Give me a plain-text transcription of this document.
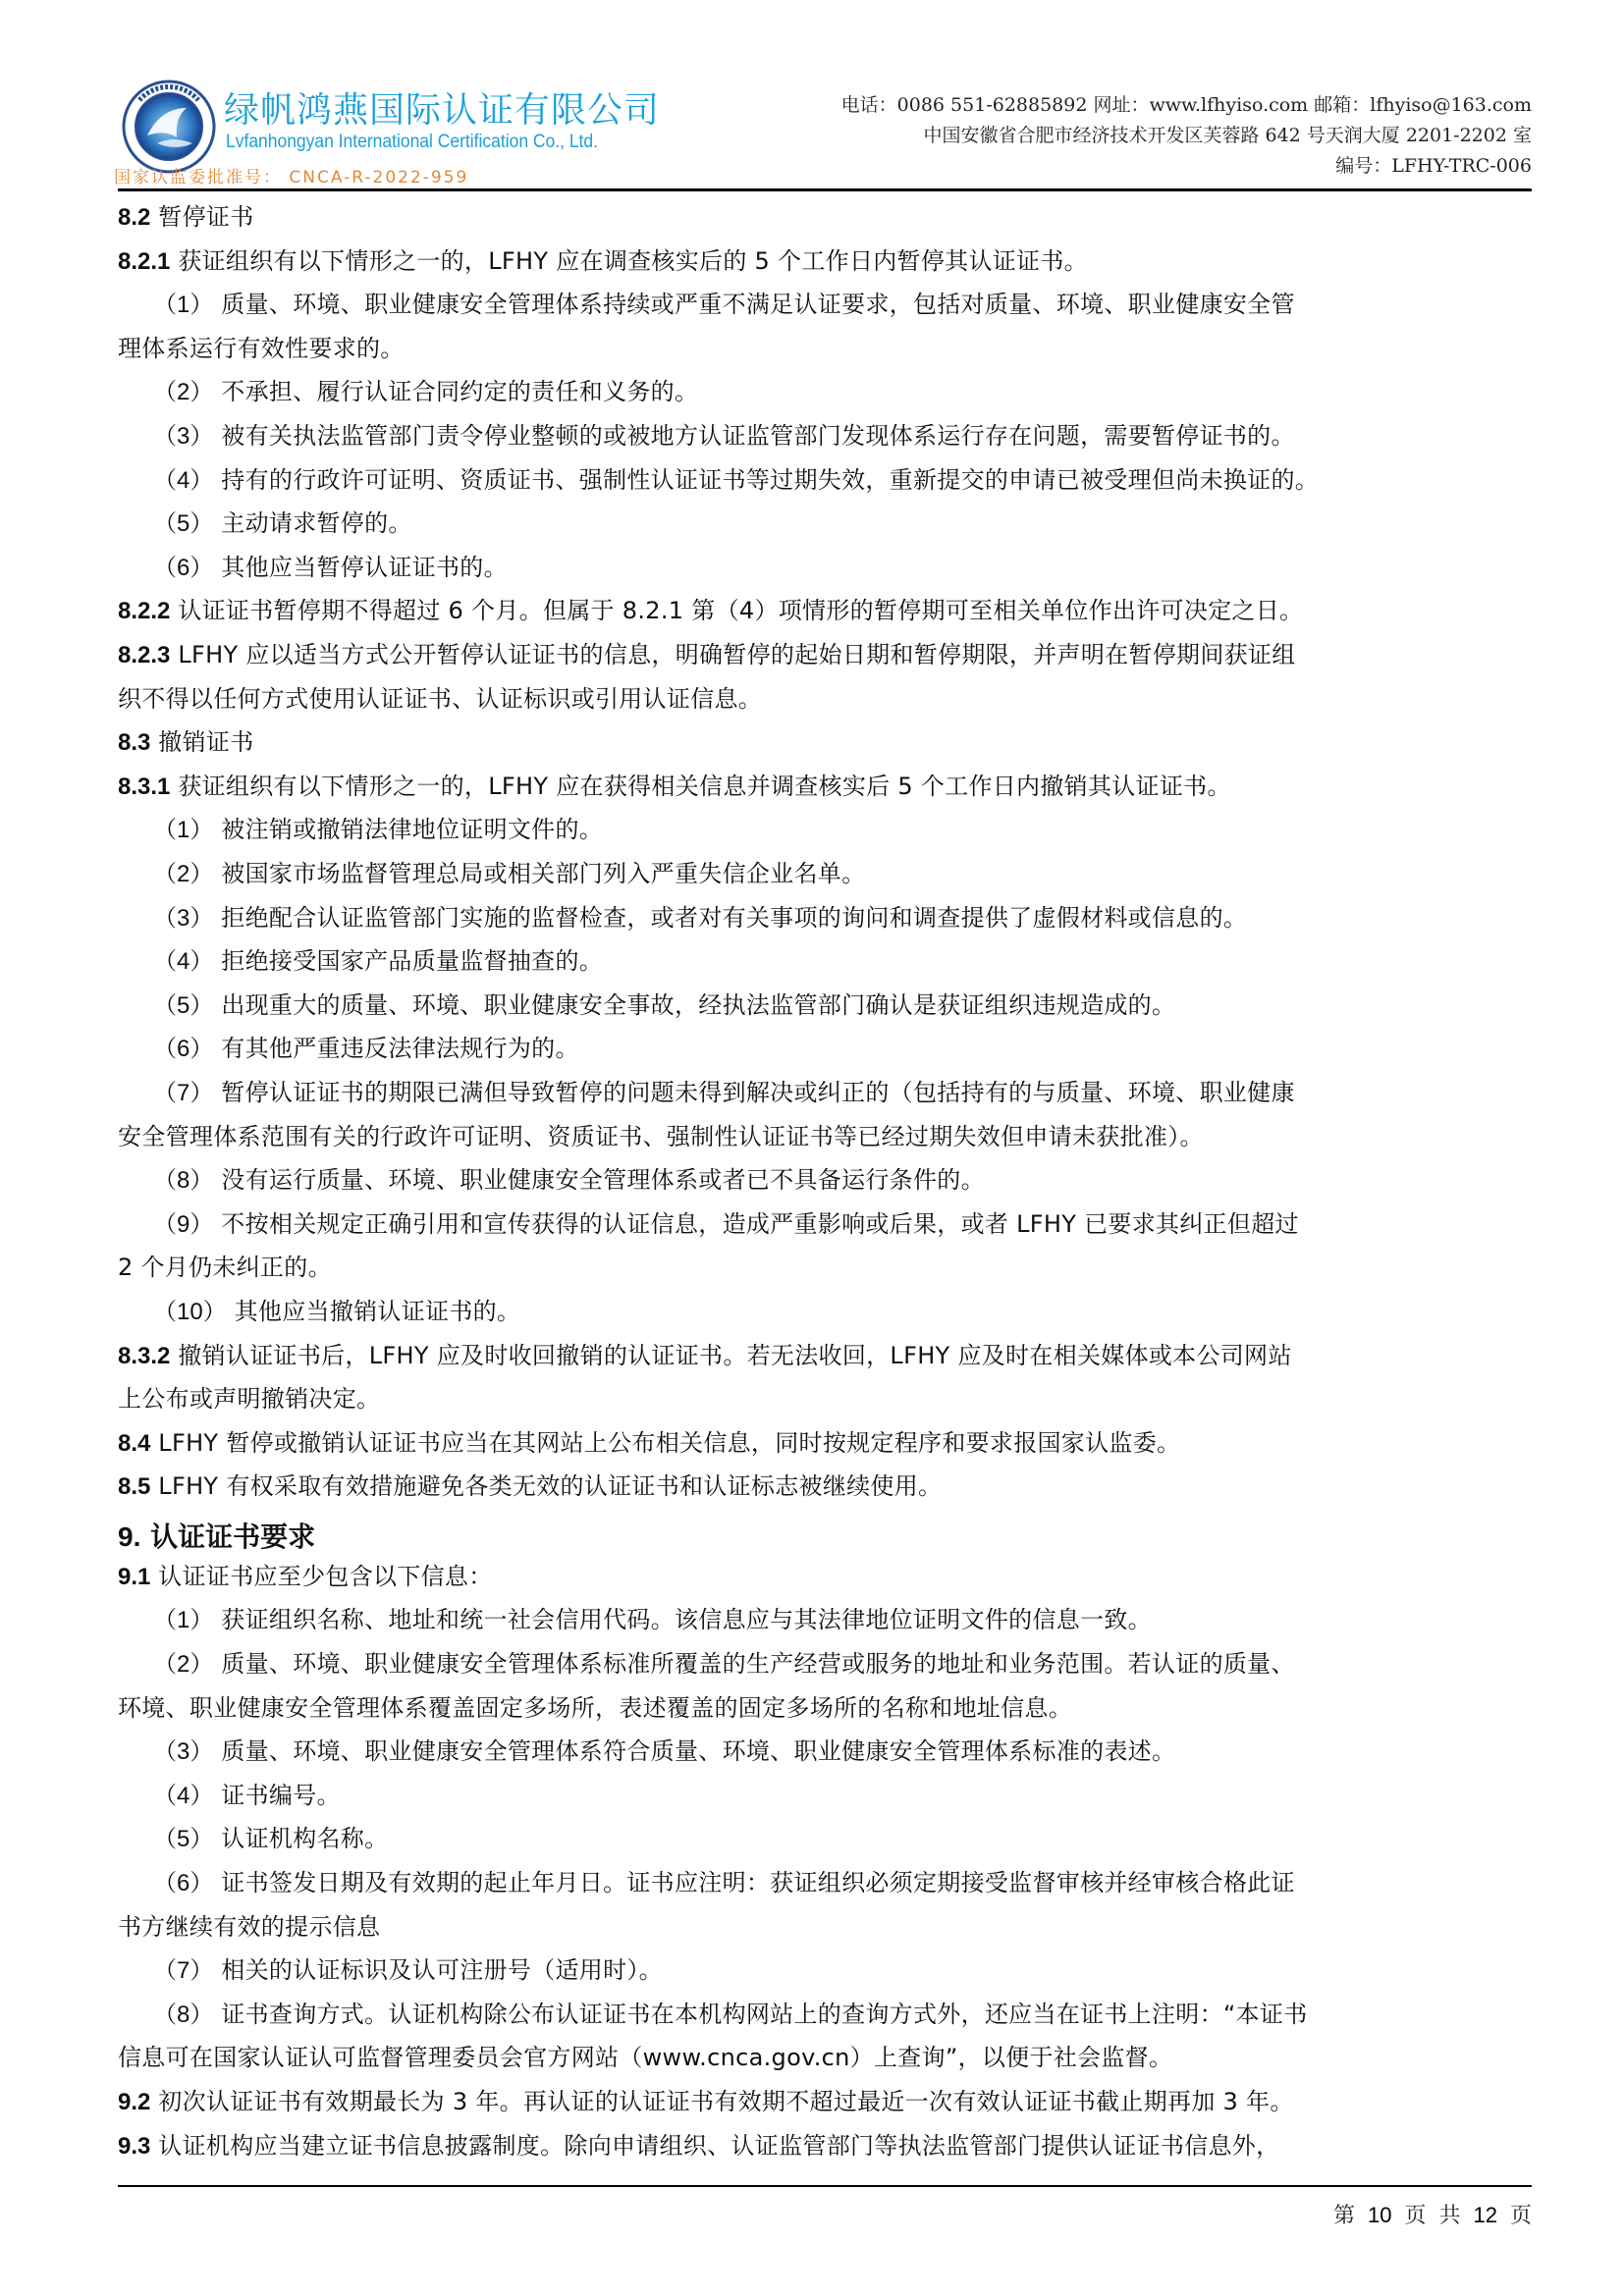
绿帆鸿燕国际认证有限公司
Lvfanhongyan International Certification Co., Ltd.
国家认监委批准号： CNCA-R-2022-959
电话：0086 551-62885892 网址：www.lfhyiso.com 邮箱：lfhyiso@163.com
中国安徽省合肥市经济技术开发区芙蓉路 642 号天润大厦 2201-2202 室
编号：LFHY-TRC-006
8.2 暂停证书
8.2.1 获证组织有以下情形之一的，LFHY 应在调查核实后的 5 个工作日内暂停其认证证书。
（1） 质量、环境、职业健康安全管理体系持续或严重不满足认证要求，包括对质量、环境、职业健康安全管
理体系运行有效性要求的。
（2） 不承担、履行认证合同约定的责任和义务的。
（3） 被有关执法监管部门责令停业整顿的或被地方认证监管部门发现体系运行存在问题，需要暂停证书的。
（4） 持有的行政许可证明、资质证书、强制性认证证书等过期失效，重新提交的申请已被受理但尚未换证的。
（5） 主动请求暂停的。
（6） 其他应当暂停认证证书的。
8.2.2 认证证书暂停期不得超过 6 个月。但属于 8.2.1 第（4）项情形的暂停期可至相关单位作出许可决定之日。
8.2.3 LFHY 应以适当方式公开暂停认证证书的信息，明确暂停的起始日期和暂停期限，并声明在暂停期间获证组
织不得以任何方式使用认证证书、认证标识或引用认证信息。
8.3 撤销证书
8.3.1 获证组织有以下情形之一的，LFHY 应在获得相关信息并调查核实后 5 个工作日内撤销其认证证书。
（1） 被注销或撤销法律地位证明文件的。
（2） 被国家市场监督管理总局或相关部门列入严重失信企业名单。
（3） 拒绝配合认证监管部门实施的监督检查，或者对有关事项的询问和调查提供了虚假材料或信息的。
（4） 拒绝接受国家产品质量监督抽查的。
（5） 出现重大的质量、环境、职业健康安全事故，经执法监管部门确认是获证组织违规造成的。
（6） 有其他严重违反法律法规行为的。
（7） 暂停认证证书的期限已满但导致暂停的问题未得到解决或纠正的（包括持有的与质量、环境、职业健康
安全管理体系范围有关的行政许可证明、资质证书、强制性认证证书等已经过期失效但申请未获批准）。
（8） 没有运行质量、环境、职业健康安全管理体系或者已不具备运行条件的。
（9） 不按相关规定正确引用和宣传获得的认证信息，造成严重影响或后果，或者 LFHY 已要求其纠正但超过
2 个月仍未纠正的。
（10） 其他应当撤销认证证书的。
8.3.2 撤销认证证书后，LFHY 应及时收回撤销的认证证书。若无法收回，LFHY 应及时在相关媒体或本公司网站
上公布或声明撤销决定。
8.4 LFHY 暂停或撤销认证证书应当在其网站上公布相关信息，同时按规定程序和要求报国家认监委。
8.5 LFHY 有权采取有效措施避免各类无效的认证证书和认证标志被继续使用。
9. 认证证书要求
9.1 认证证书应至少包含以下信息：
（1） 获证组织名称、地址和统一社会信用代码。该信息应与其法律地位证明文件的信息一致。
（2） 质量、环境、职业健康安全管理体系标准所覆盖的生产经营或服务的地址和业务范围。若认证的质量、
环境、职业健康安全管理体系覆盖固定多场所，表述覆盖的固定多场所的名称和地址信息。
（3） 质量、环境、职业健康安全管理体系符合质量、环境、职业健康安全管理体系标准的表述。
（4） 证书编号。
（5） 认证机构名称。
（6） 证书签发日期及有效期的起止年月日。证书应注明：获证组织必须定期接受监督审核并经审核合格此证
书方继续有效的提示信息
（7） 相关的认证标识及认可注册号（适用时）。
（8） 证书查询方式。认证机构除公布认证证书在本机构网站上的查询方式外，还应当在证书上注明：“本证书
信息可在国家认证认可监督管理委员会官方网站（www.cnca.gov.cn）上查询”，以便于社会监督。
9.2 初次认证证书有效期最长为 3 年。再认证的认证证书有效期不超过最近一次有效认证证书截止期再加 3 年。
9.3 认证机构应当建立证书信息披露制度。除向申请组织、认证监管部门等执法监管部门提供认证证书信息外，
第 10 页 共 12 页
